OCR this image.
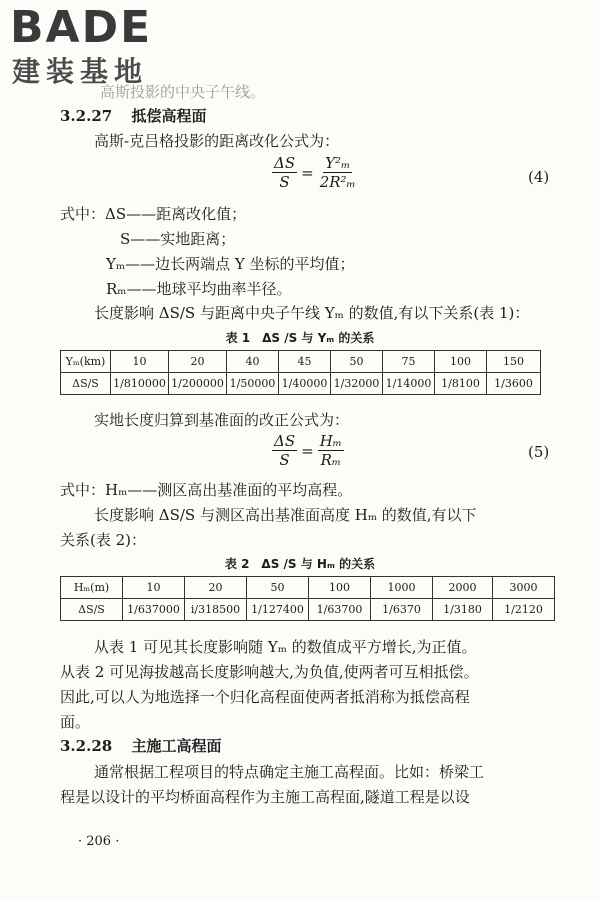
BADE
建装基地
高斯投影的中央子午线。
3.2.27 抵偿高程面
高斯-克吕格投影的距离改化公式为：
$\frac{\Delta S}{S} = \frac{\text{Y²ₘ}}{\text{2R²ₘ}}$	(4)
式中：ΔS——距离改化值；
S——实地距离；
Yₘ——边长两端点 Y 坐标的平均值；
Rₘ——地球平均曲率半径。
长度影响 ΔS/S 与距离中央子午线 Yₘ 的数值,有以下关系(表 1)：
表 1　ΔS /S 与 Yₘ 的关系
Yₘ(km)	10	20	40	45	50	75	100	150
ΔS/S	1/810000	1/200000	1/50000	1/40000	1/32000	1/14000	1/8100	1/3600
实地长度归算到基准面的改正公式为：
$\frac{\Delta S}{S} = \frac{\text{Hₘ}}{\text{Rₘ}}$	(5)
式中：Hₘ——测区高出基准面的平均高程。
长度影响 ΔS/S 与测区高出基准面高度 Hₘ 的数值,有以下
关系(表 2)：
表 2　ΔS /S 与 Hₘ 的关系
Hₘ(m)	10	20	50	100	1000	2000	3000
ΔS/S	1/637000	i/318500	1/127400	1/63700	1/6370	1/3180	1/2120
从表 1 可见其长度影响随 Yₘ 的数值成平方增长,为正值。
从表 2 可见海拔越高长度影响越大,为负值,使两者可互相抵偿。
因此,可以人为地选择一个归化高程面使两者抵消称为抵偿高程
面。
3.2.28 主施工高程面
通常根据工程项目的特点确定主施工高程面。比如：桥梁工
程是以设计的平均桥面高程作为主施工高程面,隧道工程是以设
· 206 ·
